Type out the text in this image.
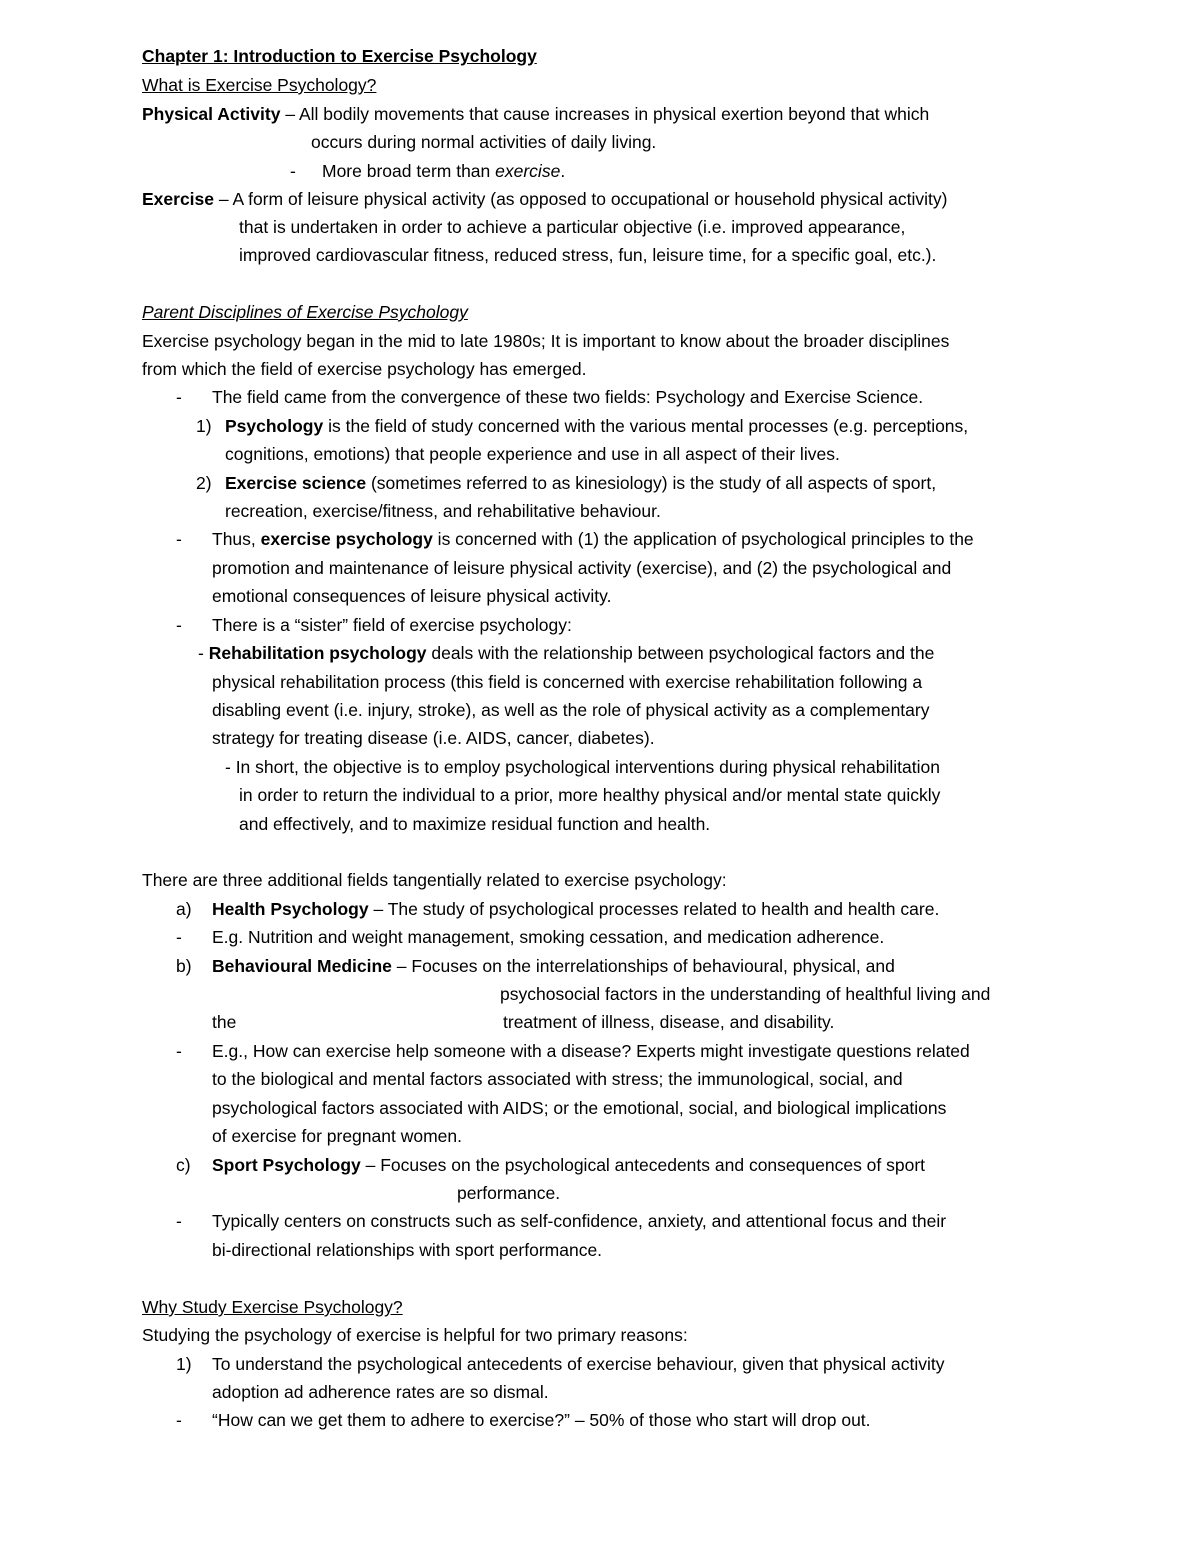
Chapter 1: Introduction to Exercise Psychology
What is Exercise Psychology?
Physical Activity – All bodily movements that cause increases in physical exertion beyond that which
occurs during normal activities of daily living.
- More broad term than exercise.
Exercise – A form of leisure physical activity (as opposed to occupational or household physical activity)
that is undertaken in order to achieve a particular objective (i.e. improved appearance,
improved cardiovascular fitness, reduced stress, fun, leisure time, for a specific goal, etc.).
Parent Disciplines of Exercise Psychology
Exercise psychology began in the mid to late 1980s; It is important to know about the broader disciplines
from which the field of exercise psychology has emerged.
- The field came from the convergence of these two fields: Psychology and Exercise Science.
1) Psychology is the field of study concerned with the various mental processes (e.g. perceptions,
cognitions, emotions) that people experience and use in all aspect of their lives.
2) Exercise science (sometimes referred to as kinesiology) is the study of all aspects of sport,
recreation, exercise/fitness, and rehabilitative behaviour.
- Thus, exercise psychology is concerned with (1) the application of psychological principles to the
promotion and maintenance of leisure physical activity (exercise), and (2) the psychological and
emotional consequences of leisure physical activity.
- There is a “sister” field of exercise psychology:
- Rehabilitation psychology deals with the relationship between psychological factors and the
physical rehabilitation process (this field is concerned with exercise rehabilitation following a
disabling event (i.e. injury, stroke), as well as the role of physical activity as a complementary
strategy for treating disease (i.e. AIDS, cancer, diabetes).
- In short, the objective is to employ psychological interventions during physical rehabilitation
in order to return the individual to a prior, more healthy physical and/or mental state quickly
and effectively, and to maximize residual function and health.
There are three additional fields tangentially related to exercise psychology:
a) Health Psychology – The study of psychological processes related to health and health care.
- E.g. Nutrition and weight management, smoking cessation, and medication adherence.
b) Behavioural Medicine – Focuses on the interrelationships of behavioural, physical, and
psychosocial factors in the understanding of healthful living and
the	treatment of illness, disease, and disability.
- E.g., How can exercise help someone with a disease? Experts might investigate questions related
to the biological and mental factors associated with stress; the immunological, social, and
psychological factors associated with AIDS; or the emotional, social, and biological implications
of exercise for pregnant women.
c) Sport Psychology – Focuses on the psychological antecedents and consequences of sport
performance.
- Typically centers on constructs such as self-confidence, anxiety, and attentional focus and their
bi-directional relationships with sport performance.
Why Study Exercise Psychology?
Studying the psychology of exercise is helpful for two primary reasons:
1) To understand the psychological antecedents of exercise behaviour, given that physical activity
adoption ad adherence rates are so dismal.
- “How can we get them to adhere to exercise?” – 50% of those who start will drop out.
